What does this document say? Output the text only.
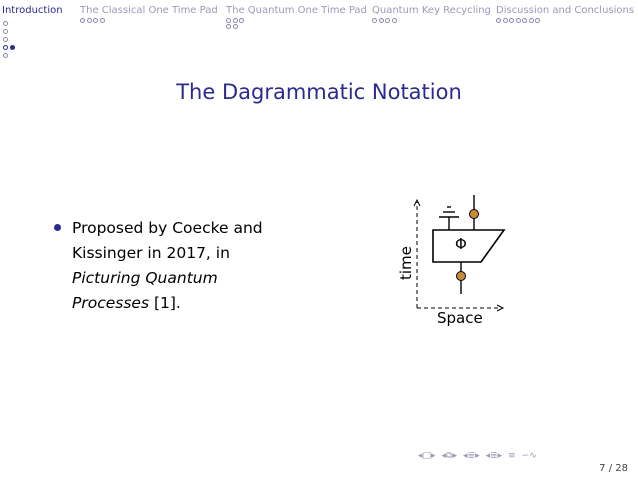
Introduction The Classical One Time Pad The Quantum One Time Pad Quantum Key Recycling Discussion and Conclusions
The Dagrammatic Notation
Proposed by Coecke and Kissinger in 2017, in Picturing Quantum Processes [1].
Φ
time
Space
◂□▸ ◂⧉▸ ◂≣▸ ◂≣▸ ≡ ∽∿
7 / 28
